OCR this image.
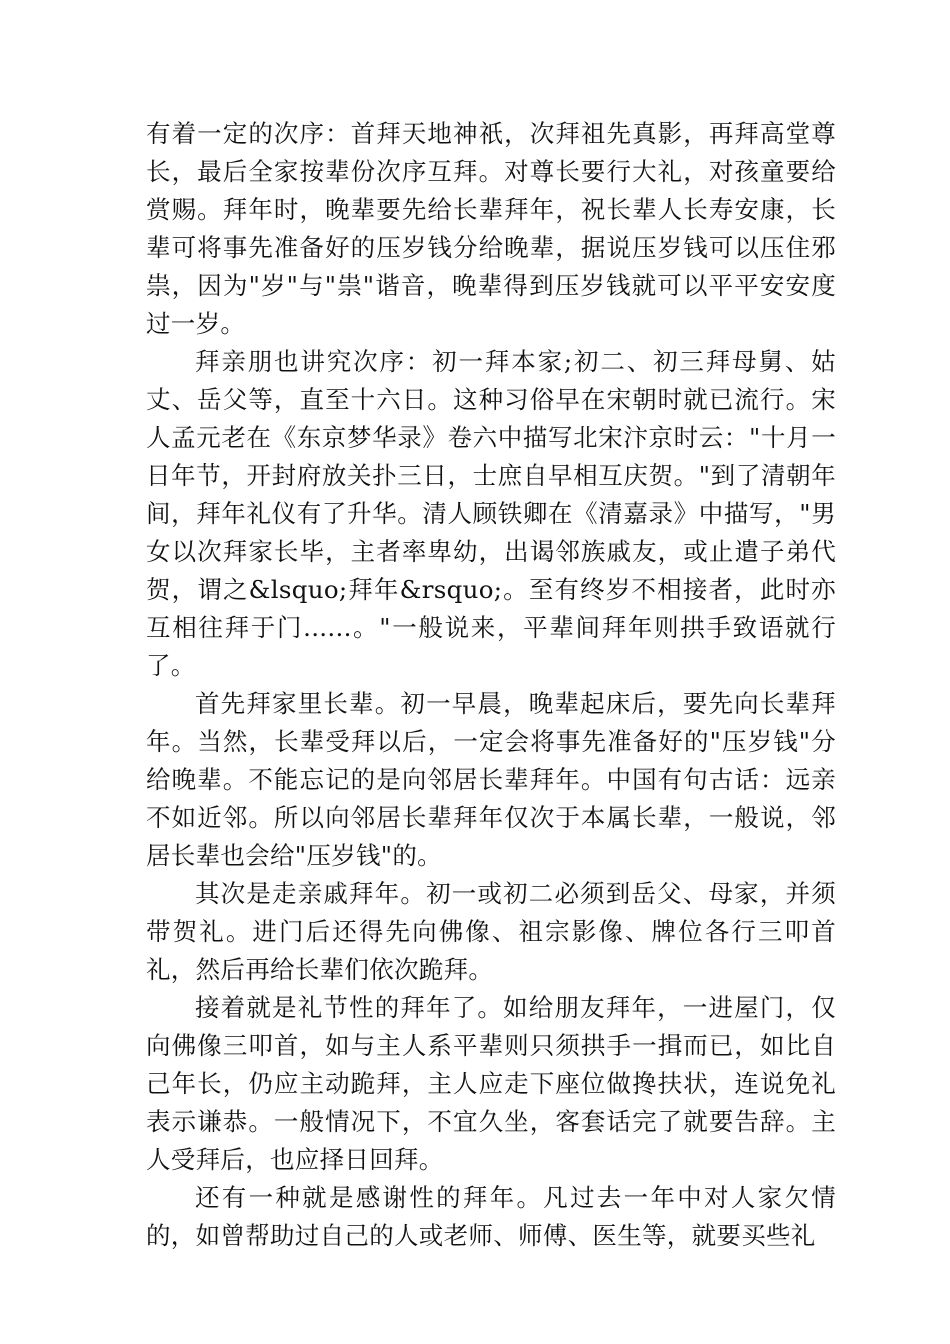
有着一定的次序：首拜天地神祇，次拜祖先真影，再拜高堂尊长，最后全家按辈份次序互拜。对尊长要行大礼，对孩童要给赏赐。拜年时，晚辈要先给长辈拜年，祝长辈人长寿安康，长辈可将事先准备好的压岁钱分给晚辈，据说压岁钱可以压住邪祟，因为"岁"与"祟"谐音，晚辈得到压岁钱就可以平平安安度过一岁。

拜亲朋也讲究次序：初一拜本家;初二、初三拜母舅、姑丈、岳父等，直至十六日。这种习俗早在宋朝时就已流行。宋人孟元老在《东京梦华录》卷六中描写北宋汴京时云："十月一日年节，开封府放关扑三日，士庶自早相互庆贺。"到了清朝年间，拜年礼仪有了升华。清人顾铁卿在《清嘉录》中描写，"男女以次拜家长毕，主者率卑幼，出谒邻族戚友，或止遣子弟代贺，谓之&lsquo;拜年&rsquo;。至有终岁不相接者，此时亦互相往拜于门......。"一般说来，平辈间拜年则拱手致语就行了。

首先拜家里长辈。初一早晨，晚辈起床后，要先向长辈拜年。当然，长辈受拜以后，一定会将事先准备好的"压岁钱"分给晚辈。不能忘记的是向邻居长辈拜年。中国有句古话：远亲不如近邻。所以向邻居长辈拜年仅次于本属长辈，一般说，邻居长辈也会给"压岁钱"的。

其次是走亲戚拜年。初一或初二必须到岳父、母家，并须带贺礼。进门后还得先向佛像、祖宗影像、牌位各行三叩首礼，然后再给长辈们依次跪拜。

接着就是礼节性的拜年了。如给朋友拜年，一进屋门，仅向佛像三叩首，如与主人系平辈则只须拱手一揖而已，如比自己年长，仍应主动跪拜，主人应走下座位做搀扶状，连说免礼表示谦恭。一般情况下，不宜久坐，客套话完了就要告辞。主人受拜后，也应择日回拜。

还有一种就是感谢性的拜年。凡过去一年中对人家欠情的，如曾帮助过自己的人或老师、师傅、医生等，就要买些礼
